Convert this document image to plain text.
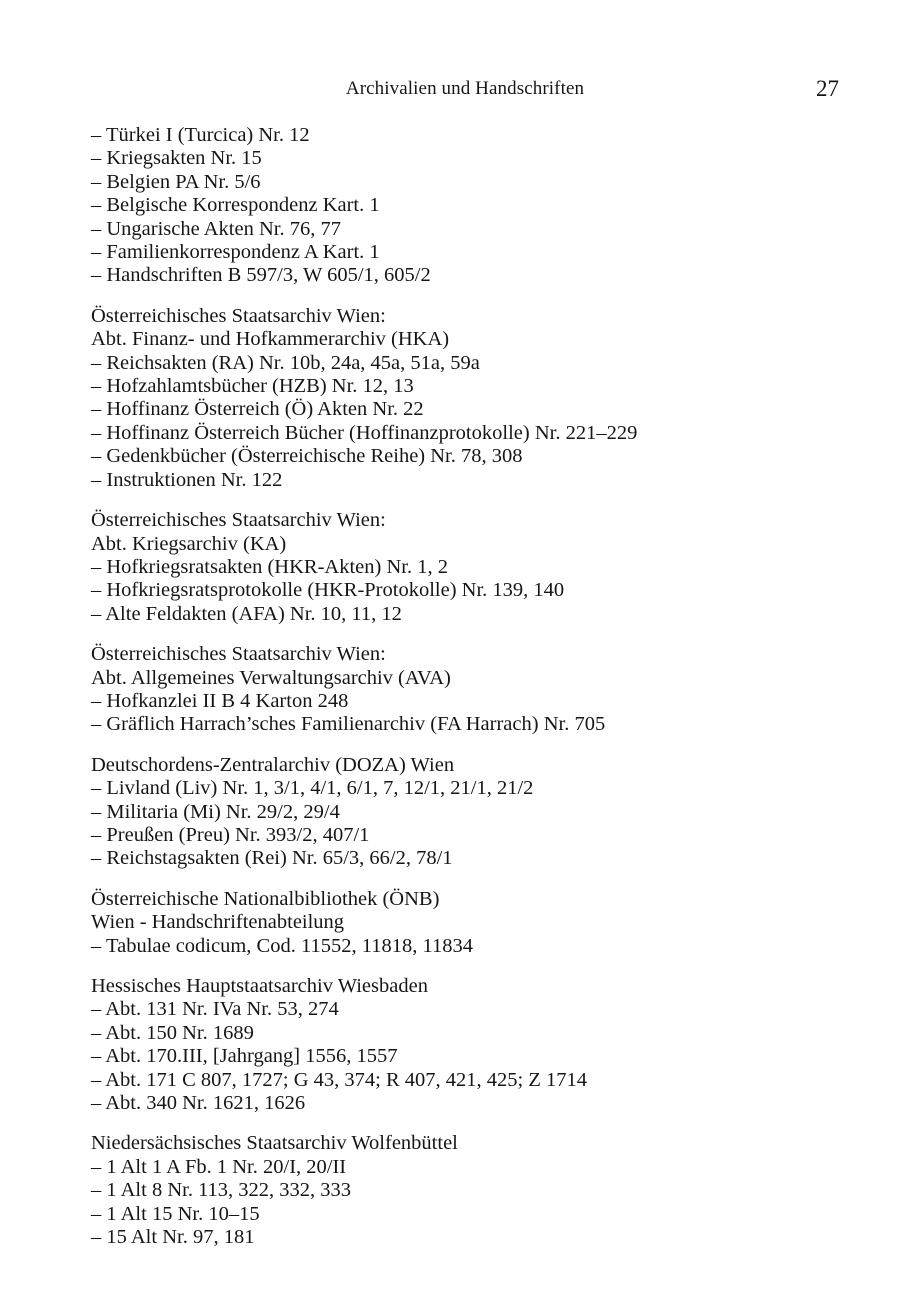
Archivalien und Handschriften	27
– Türkei I (Turcica) Nr. 12
– Kriegsakten Nr. 15
– Belgien PA Nr. 5/6
– Belgische Korrespondenz Kart. 1
– Ungarische Akten Nr. 76, 77
– Familienkorrespondenz A Kart. 1
– Handschriften B 597/3, W 605/1, 605/2
Österreichisches Staatsarchiv Wien:
Abt. Finanz- und Hofkammerarchiv (HKA)
– Reichsakten (RA) Nr. 10b, 24a, 45a, 51a, 59a
– Hofzahlamtsbücher (HZB) Nr. 12, 13
– Hoffinanz Österreich (Ö) Akten Nr. 22
– Hoffinanz Österreich Bücher (Hoffinanzprotokolle) Nr. 221–229
– Gedenkbücher (Österreichische Reihe) Nr. 78, 308
– Instruktionen Nr. 122
Österreichisches Staatsarchiv Wien:
Abt. Kriegsarchiv (KA)
– Hofkriegsratsakten (HKR-Akten) Nr. 1, 2
– Hofkriegsratsprotokolle (HKR-Protokolle) Nr. 139, 140
– Alte Feldakten (AFA) Nr. 10, 11, 12
Österreichisches Staatsarchiv Wien:
Abt. Allgemeines Verwaltungsarchiv (AVA)
– Hofkanzlei II B 4 Karton 248
– Gräflich Harrach’sches Familienarchiv (FA Harrach) Nr. 705
Deutschordens-Zentralarchiv (DOZA) Wien
– Livland (Liv) Nr. 1, 3/1, 4/1, 6/1, 7, 12/1, 21/1, 21/2
– Militaria (Mi) Nr. 29/2, 29/4
– Preußen (Preu) Nr. 393/2, 407/1
– Reichstagsakten (Rei) Nr. 65/3, 66/2, 78/1
Österreichische Nationalbibliothek (ÖNB)
Wien - Handschriftenabteilung
– Tabulae codicum, Cod. 11552, 11818, 11834
Hessisches Hauptstaatsarchiv Wiesbaden
– Abt. 131 Nr. IVa Nr. 53, 274
– Abt. 150 Nr. 1689
– Abt. 170.III, [Jahrgang] 1556, 1557
– Abt. 171 C 807, 1727; G 43, 374; R 407, 421, 425; Z 1714
– Abt. 340 Nr. 1621, 1626
Niedersächsisches Staatsarchiv Wolfenbüttel
– 1 Alt 1 A Fb. 1 Nr. 20/I, 20/II
– 1 Alt 8 Nr. 113, 322, 332, 333
– 1 Alt 15 Nr. 10–15
– 15 Alt Nr. 97, 181
